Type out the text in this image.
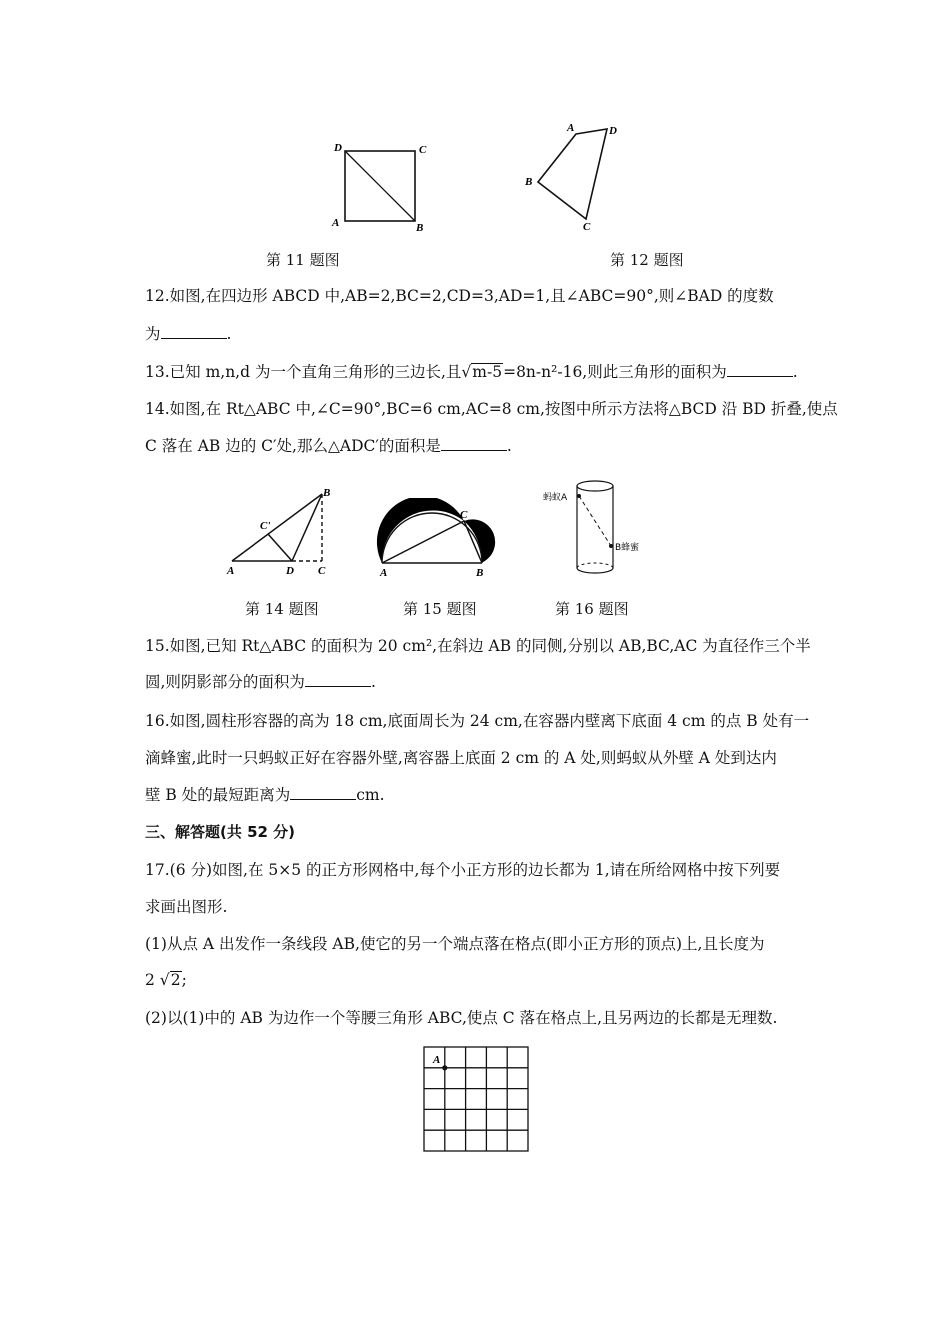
D	C
A	B
第 11 题图
A	D
B
C
第 12 题图
12.如图,在四边形 ABCD 中,AB=2,BC=2,CD=3,AD=1,且∠ABC=90°,则∠BAD 的度数
为	.
13.已知 m,n,d 为一个直角三角形的三边长,且√m-5=8n-n²-16,则此三角形的面积为	.
14.如图,在 Rt△ABC 中,∠C=90°,BC=6 cm,AC=8 cm,按图中所示方法将△BCD 沿 BD 折叠,使点
C 落在 AB 边的 C′处,那么△ADC′的面积是	.
B
C'
A	D C
C
A	B
蚂蚁A
B蜂蜜
第 14 题图	第 15 题图	第 16 题图
15.如图,已知 Rt△ABC 的面积为 20 cm²,在斜边 AB 的同侧,分别以 AB,BC,AC 为直径作三个半
圆,则阴影部分的面积为	.
16.如图,圆柱形容器的高为 18 cm,底面周长为 24 cm,在容器内壁离下底面 4 cm 的点 B 处有一
滴蜂蜜,此时一只蚂蚁正好在容器外壁,离容器上底面 2 cm 的 A 处,则蚂蚁从外壁 A 处到达内
壁 B 处的最短距离为	cm.
三、解答题(共 52 分)
17.(6 分)如图,在 5×5 的正方形网格中,每个小正方形的边长都为 1,请在所给网格中按下列要
求画出图形.
(1)从点 A 出发作一条线段 AB,使它的另一个端点落在格点(即小正方形的顶点)上,且长度为
2 √2;
(2)以(1)中的 AB 为边作一个等腰三角形 ABC,使点 C 落在格点上,且另两边的长都是无理数.
A
